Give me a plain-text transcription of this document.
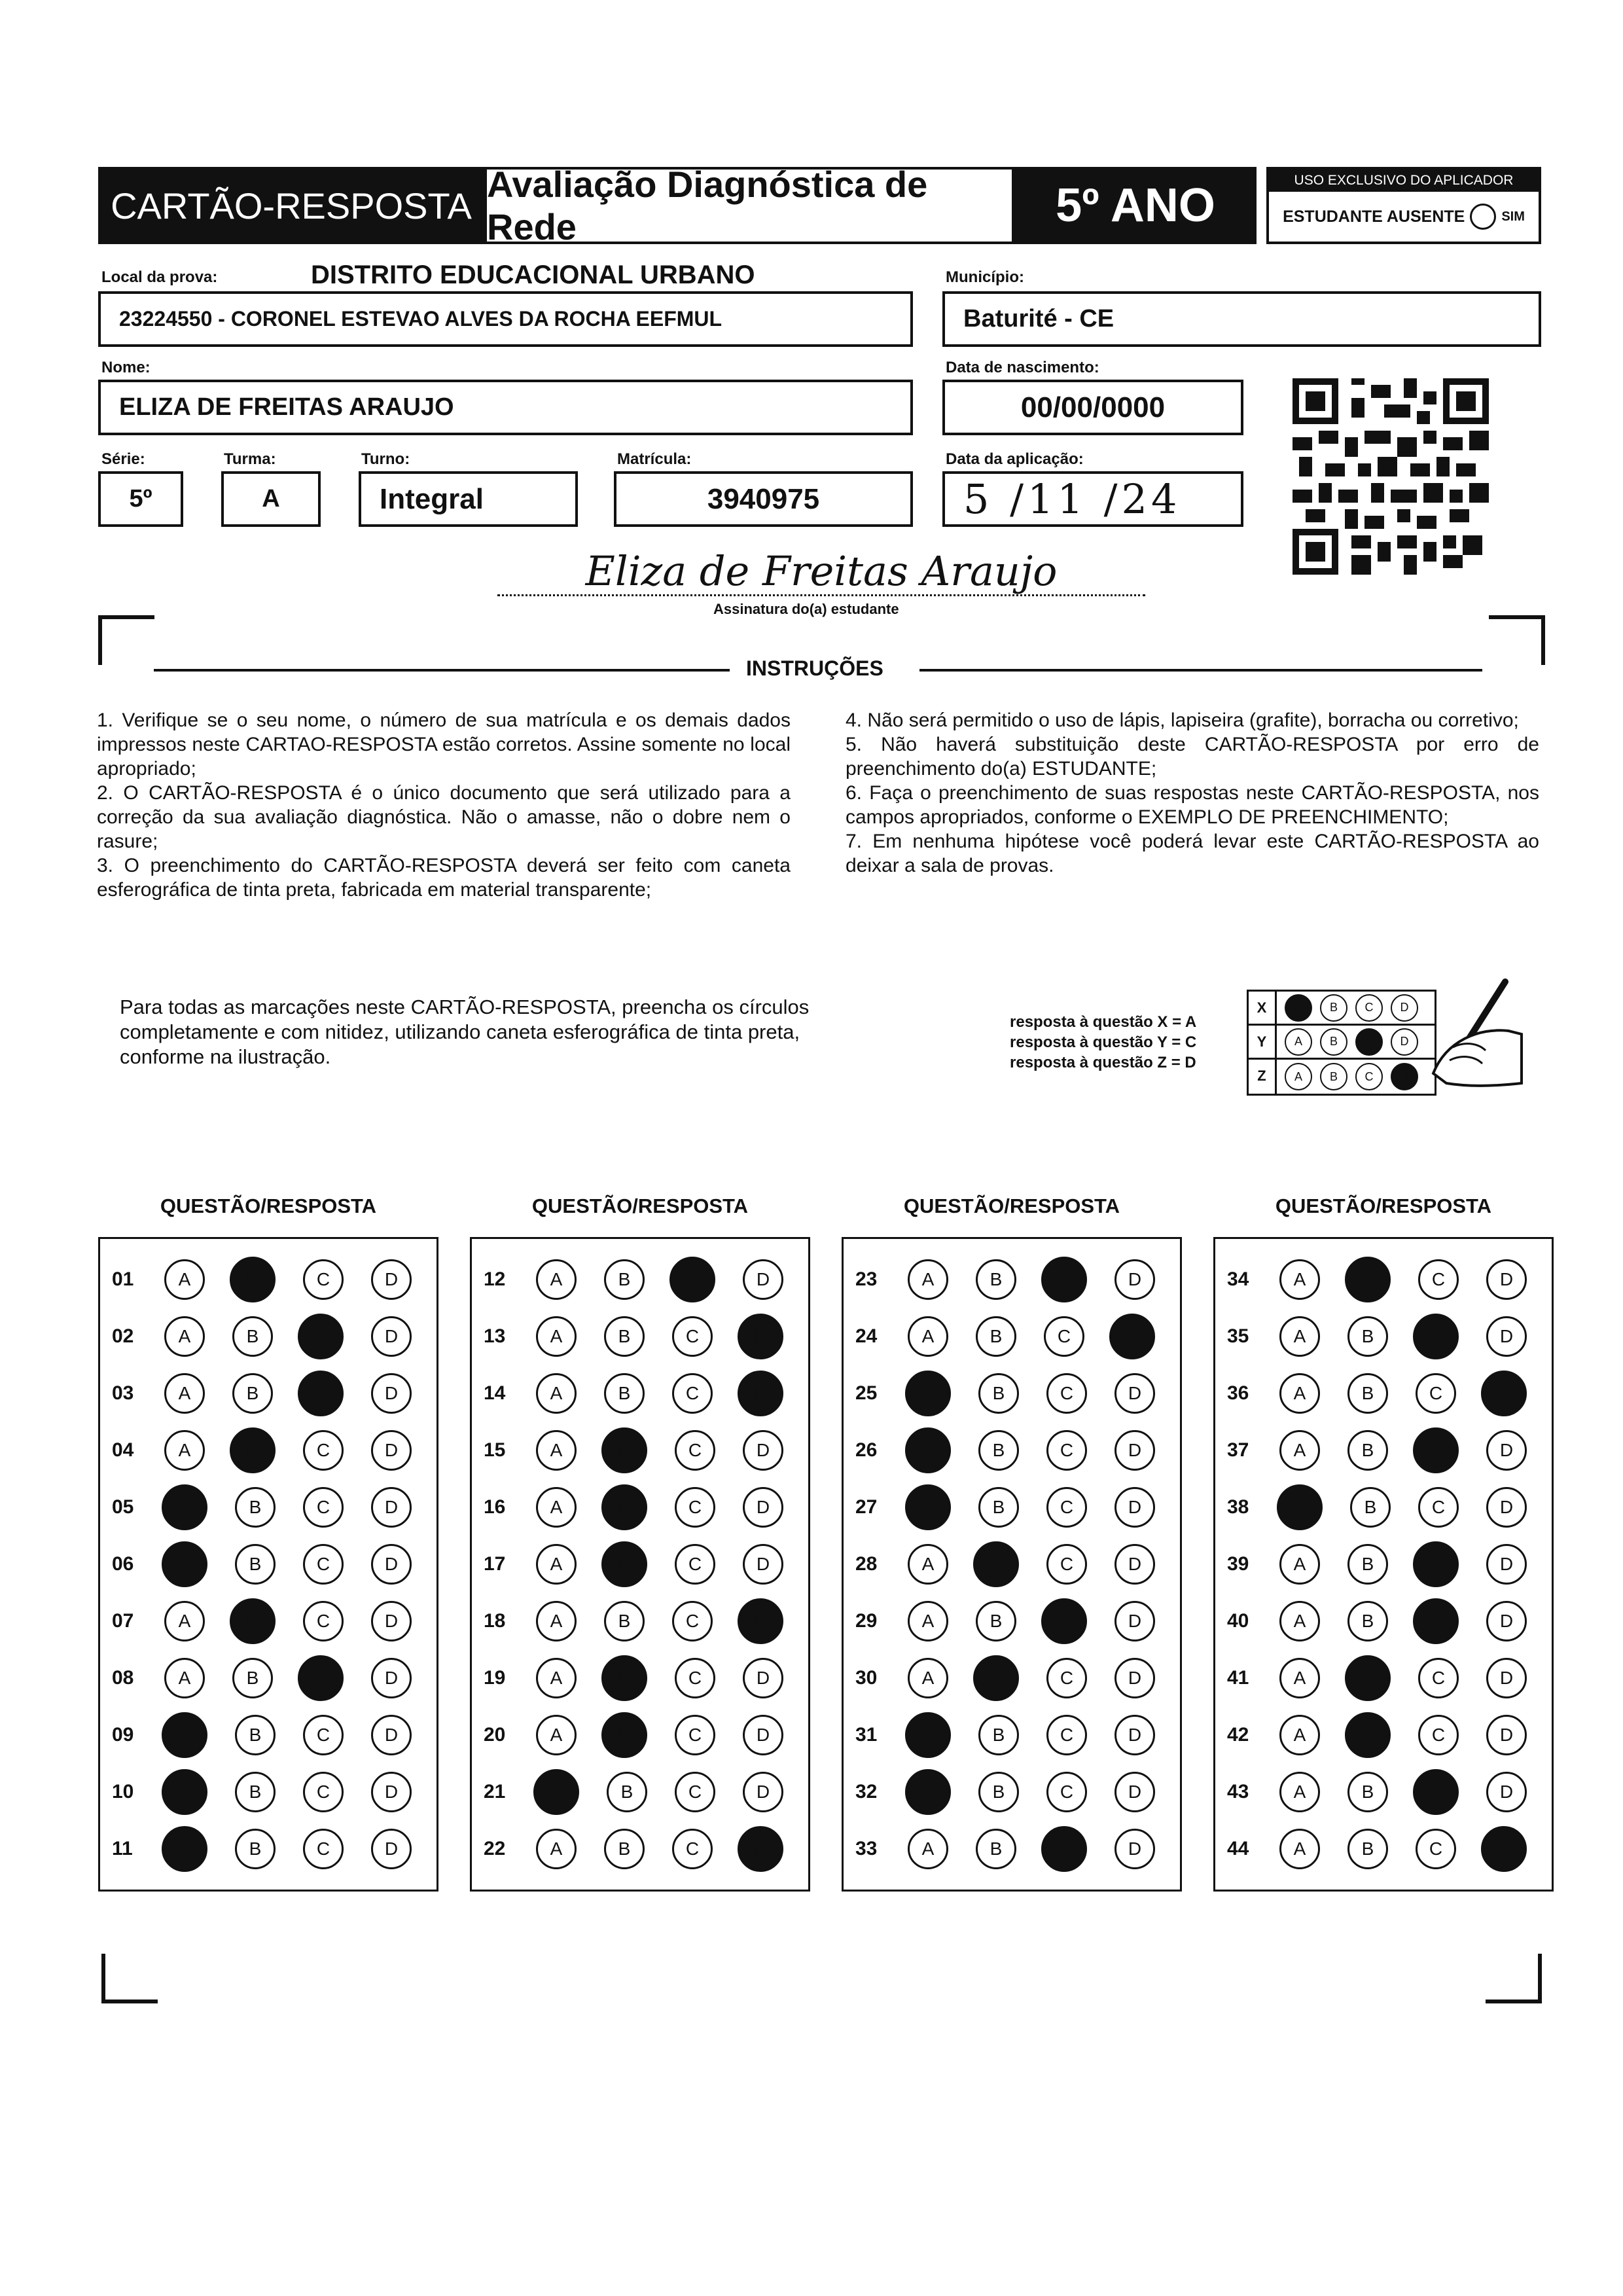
CARTÃO-RESPOSTA
Avaliação Diagnóstica de Rede	5º ANO	USO EXCLUSIVO DO APLICADOR
ESTUDANTE AUSENTE	SIM
Local da prova:	DISTRITO EDUCACIONAL URBANO
23224550 - CORONEL ESTEVAO ALVES DA ROCHA EEFMUL
Município:
Baturité - CE
Nome:
ELIZA DE FREITAS ARAUJO
Data de nascimento:
00/00/0000
Série:
5º
Turma:
A
Turno:
Integral
Matrícula:
3940975
Data da aplicação:
5 /11 /24
Eliza de Freitas Araujo
Assinatura do(a) estudante
INSTRUÇÕES

1. Verifique se o seu nome, o número de sua matrícula e os demais dados impressos neste CARTAO-RESPOSTA estão corretos. Assine somente no local apropriado;

2. O CARTÃO-RESPOSTA é o único documento que será utilizado para a correção da sua avaliação diagnóstica. Não o amasse, não o dobre nem o rasure;

3. O preenchimento do CARTÃO-RESPOSTA deverá ser feito com caneta esferográfica de tinta preta, fabricada em material transparente;

4. Não será permitido o uso de lápis, lapiseira (grafite), borracha ou corretivo;

5. Não haverá substituição deste CARTÃO-RESPOSTA por erro de preenchimento do(a) ESTUDANTE;

6. Faça o preenchimento de suas respostas neste CARTÃO-RESPOSTA, nos campos apropriados, conforme o EXEMPLO DE PREENCHIMENTO;

7. Em nenhuma hipótese você poderá levar este CARTÃO-RESPOSTA ao deixar a sala de provas.

Para todas as marcações neste CARTÃO-RESPOSTA, preencha os círculos completamente e com nitidez, utilizando caneta esferográfica de tinta preta, conforme na ilustração.
resposta à questão X = A
resposta à questão Y = C
resposta à questão Z = D
X	A	B	C	D
Y	A	B	C	D
Z	A	B	C	D
QUESTÃO/RESPOSTA
01	A	B	C	D
02	A	B	C	D
03	A	B	C	D
04	A	B	C	D
05	A	B	C	D
06	A	B	C	D
07	A	B	C	D
08	A	B	C	D
09	A	B	C	D
10	A	B	C	D
11	A	B	C	D
QUESTÃO/RESPOSTA
12	A	B	C	D
13	A	B	C	D
14	A	B	C	D
15	A	B	C	D
16	A	B	C	D
17	A	B	C	D
18	A	B	C	D
19	A	B	C	D
20	A	B	C	D
21	A	B	C	D
22	A	B	C	D
QUESTÃO/RESPOSTA
23	A	B	C	D
24	A	B	C	D
25	A	B	C	D
26	A	B	C	D
27	A	B	C	D
28	A	B	C	D
29	A	B	C	D
30	A	B	C	D
31	A	B	C	D
32	A	B	C	D
33	A	B	C	D
QUESTÃO/RESPOSTA
34	A	B	C	D
35	A	B	C	D
36	A	B	C	D
37	A	B	C	D
38	A	B	C	D
39	A	B	C	D
40	A	B	C	D
41	A	B	C	D
42	A	B	C	D
43	A	B	C	D
44	A	B	C	D
